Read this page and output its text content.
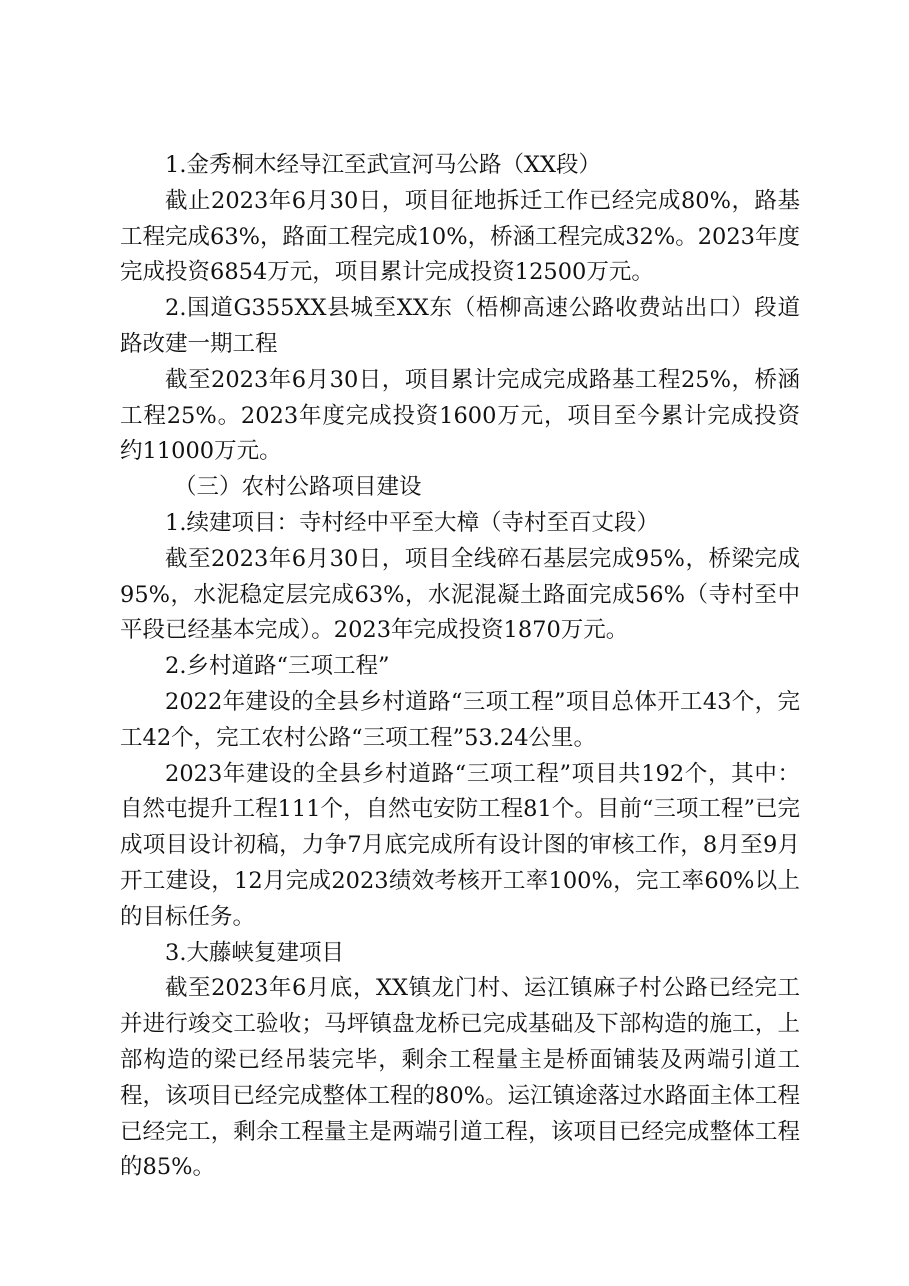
1.金秀桐木经导江至武宣河马公路（XX段）

截止2023年6月30日，项目征地拆迁工作已经完成80%，路基工程完成63%，路面工程完成10%，桥涵工程完成32%。2023年度完成投资6854万元，项目累计完成投资12500万元。

2.国道G355XX县城至XX东（梧柳高速公路收费站出口）段道路改建一期工程

截至2023年6月30日，项目累计完成完成路基工程25%，桥涵工程25%。2023年度完成投资1600万元，项目至今累计完成投资约11000万元。

（三）农村公路项目建设

1.续建项目：寺村经中平至大樟（寺村至百丈段）

截至2023年6月30日，项目全线碎石基层完成95%，桥梁完成95%，水泥稳定层完成63%，水泥混凝土路面完成56%（寺村至中平段已经基本完成）。2023年完成投资1870万元。

2.乡村道路“三项工程”

2022年建设的全县乡村道路“三项工程”项目总体开工43个，完工42个，完工农村公路“三项工程”53.24公里。

2023年建设的全县乡村道路“三项工程”项目共192个，其中：自然屯提升工程111个，自然屯安防工程81个。目前“三项工程”已完成项目设计初稿，力争7月底完成所有设计图的审核工作，8月至9月开工建设，12月完成2023绩效考核开工率100%，完工率60%以上的目标任务。

3.大藤峡复建项目

截至2023年6月底，XX镇龙门村、运江镇麻子村公路已经完工并进行竣交工验收；马坪镇盘龙桥已完成基础及下部构造的施工，上部构造的梁已经吊装完毕，剩余工程量主是桥面铺装及两端引道工程，该项目已经完成整体工程的80%。运江镇途落过水路面主体工程已经完工，剩余工程量主是两端引道工程，该项目已经完成整体工程的85%。
